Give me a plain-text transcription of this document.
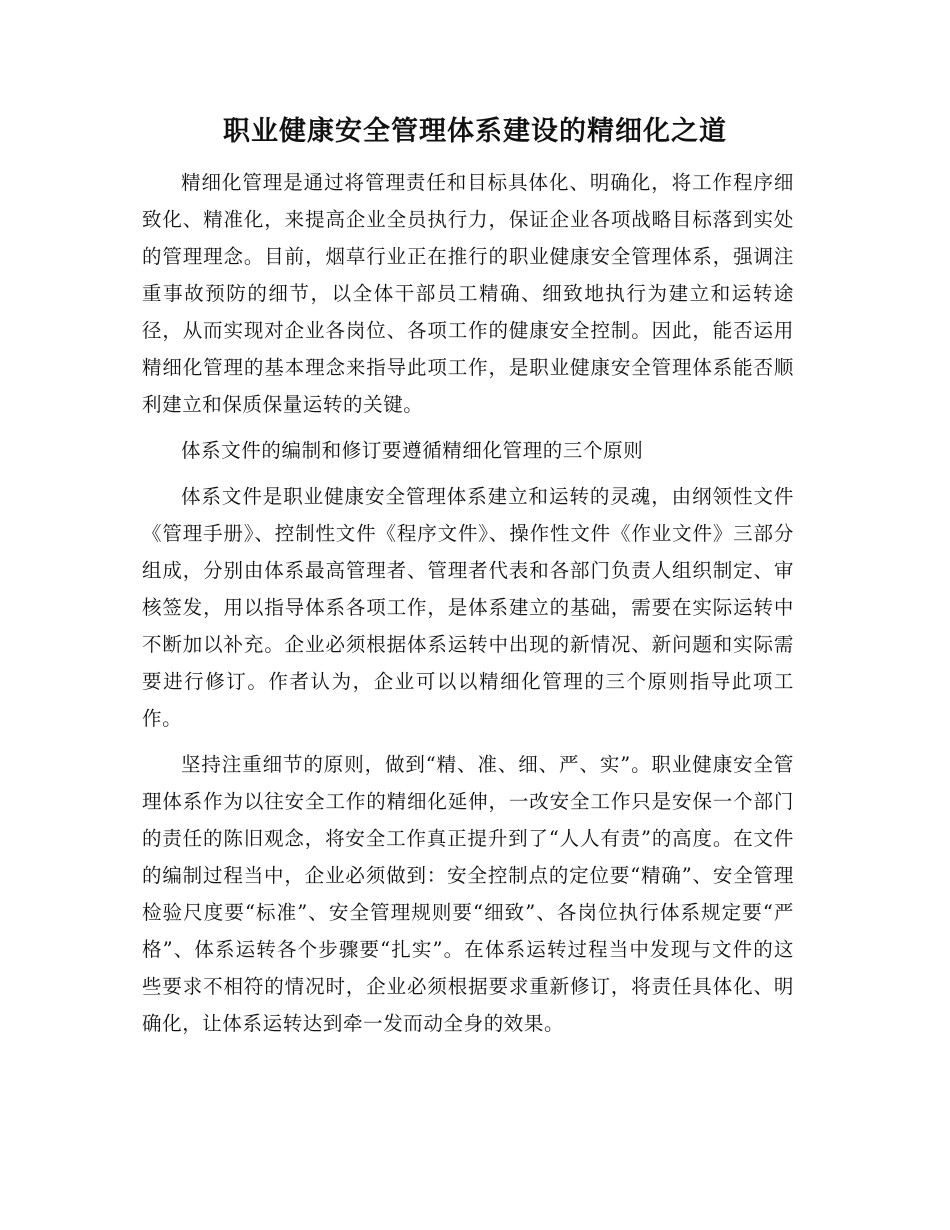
职业健康安全管理体系建设的精细化之道

精细化管理是通过将管理责任和目标具体化、明确化，将工作程序细致化、精准化，来提高企业全员执行力，保证企业各项战略目标落到实处的管理理念。目前，烟草行业正在推行的职业健康安全管理体系，强调注重事故预防的细节，以全体干部员工精确、细致地执行为建立和运转途径，从而实现对企业各岗位、各项工作的健康安全控制。因此，能否运用精细化管理的基本理念来指导此项工作，是职业健康安全管理体系能否顺利建立和保质保量运转的关键。

体系文件的编制和修订要遵循精细化管理的三个原则

体系文件是职业健康安全管理体系建立和运转的灵魂，由纲领性文件《管理手册》、控制性文件《程序文件》、操作性文件《作业文件》三部分组成，分别由体系最高管理者、管理者代表和各部门负责人组织制定、审核签发，用以指导体系各项工作，是体系建立的基础，需要在实际运转中不断加以补充。企业必须根据体系运转中出现的新情况、新问题和实际需要进行修订。作者认为，企业可以以精细化管理的三个原则指导此项工作。

坚持注重细节的原则，做到“精、准、细、严、实”。职业健康安全管理体系作为以往安全工作的精细化延伸，一改安全工作只是安保一个部门的责任的陈旧观念，将安全工作真正提升到了“人人有责”的高度。在文件的编制过程当中，企业必须做到：安全控制点的定位要“精确”、安全管理检验尺度要“标准”、安全管理规则要“细致”、各岗位执行体系规定要“严格”、体系运转各个步骤要“扎实”。在体系运转过程当中发现与文件的这些要求不相符的情况时，企业必须根据要求重新修订，将责任具体化、明确化，让体系运转达到牵一发而动全身的效果。
